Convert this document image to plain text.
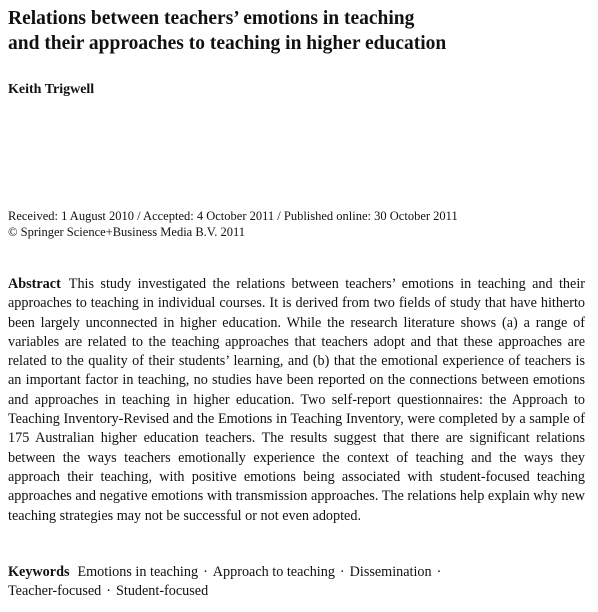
Relations between teachers’ emotions in teaching
and their approaches to teaching in higher education
Keith Trigwell
Received: 1 August 2010 / Accepted: 4 October 2011 / Published online: 30 October 2011
© Springer Science+Business Media B.V. 2011

Abstract This study investigated the relations between teachers’ emotions in teaching and their approaches to teaching in individual courses. It is derived from two fields of study that have hitherto been largely unconnected in higher education. While the research literature shows (a) a range of variables are related to the teaching approaches that teachers adopt and that these approaches are related to the quality of their students’ learning, and (b) that the emotional experience of teachers is an important factor in teaching, no studies have been reported on the connections between emotions and approaches in teaching in higher education. Two self-report questionnaires: the Approach to Teaching Inventory-Revised and the Emotions in Teaching Inventory, were completed by a sample of 175 Australian higher education teachers. The results suggest that there are significant relations between the ways teachers emotionally experience the context of teaching and the ways they approach their teaching, with positive emotions being associated with student-focused teaching approaches and negative emotions with transmission approaches. The relations help explain why new teaching strategies may not be successful or not even adopted.

Keywords Emotions in teaching · Approach to teaching · Dissemination ·
Teacher-focused · Student-focused
